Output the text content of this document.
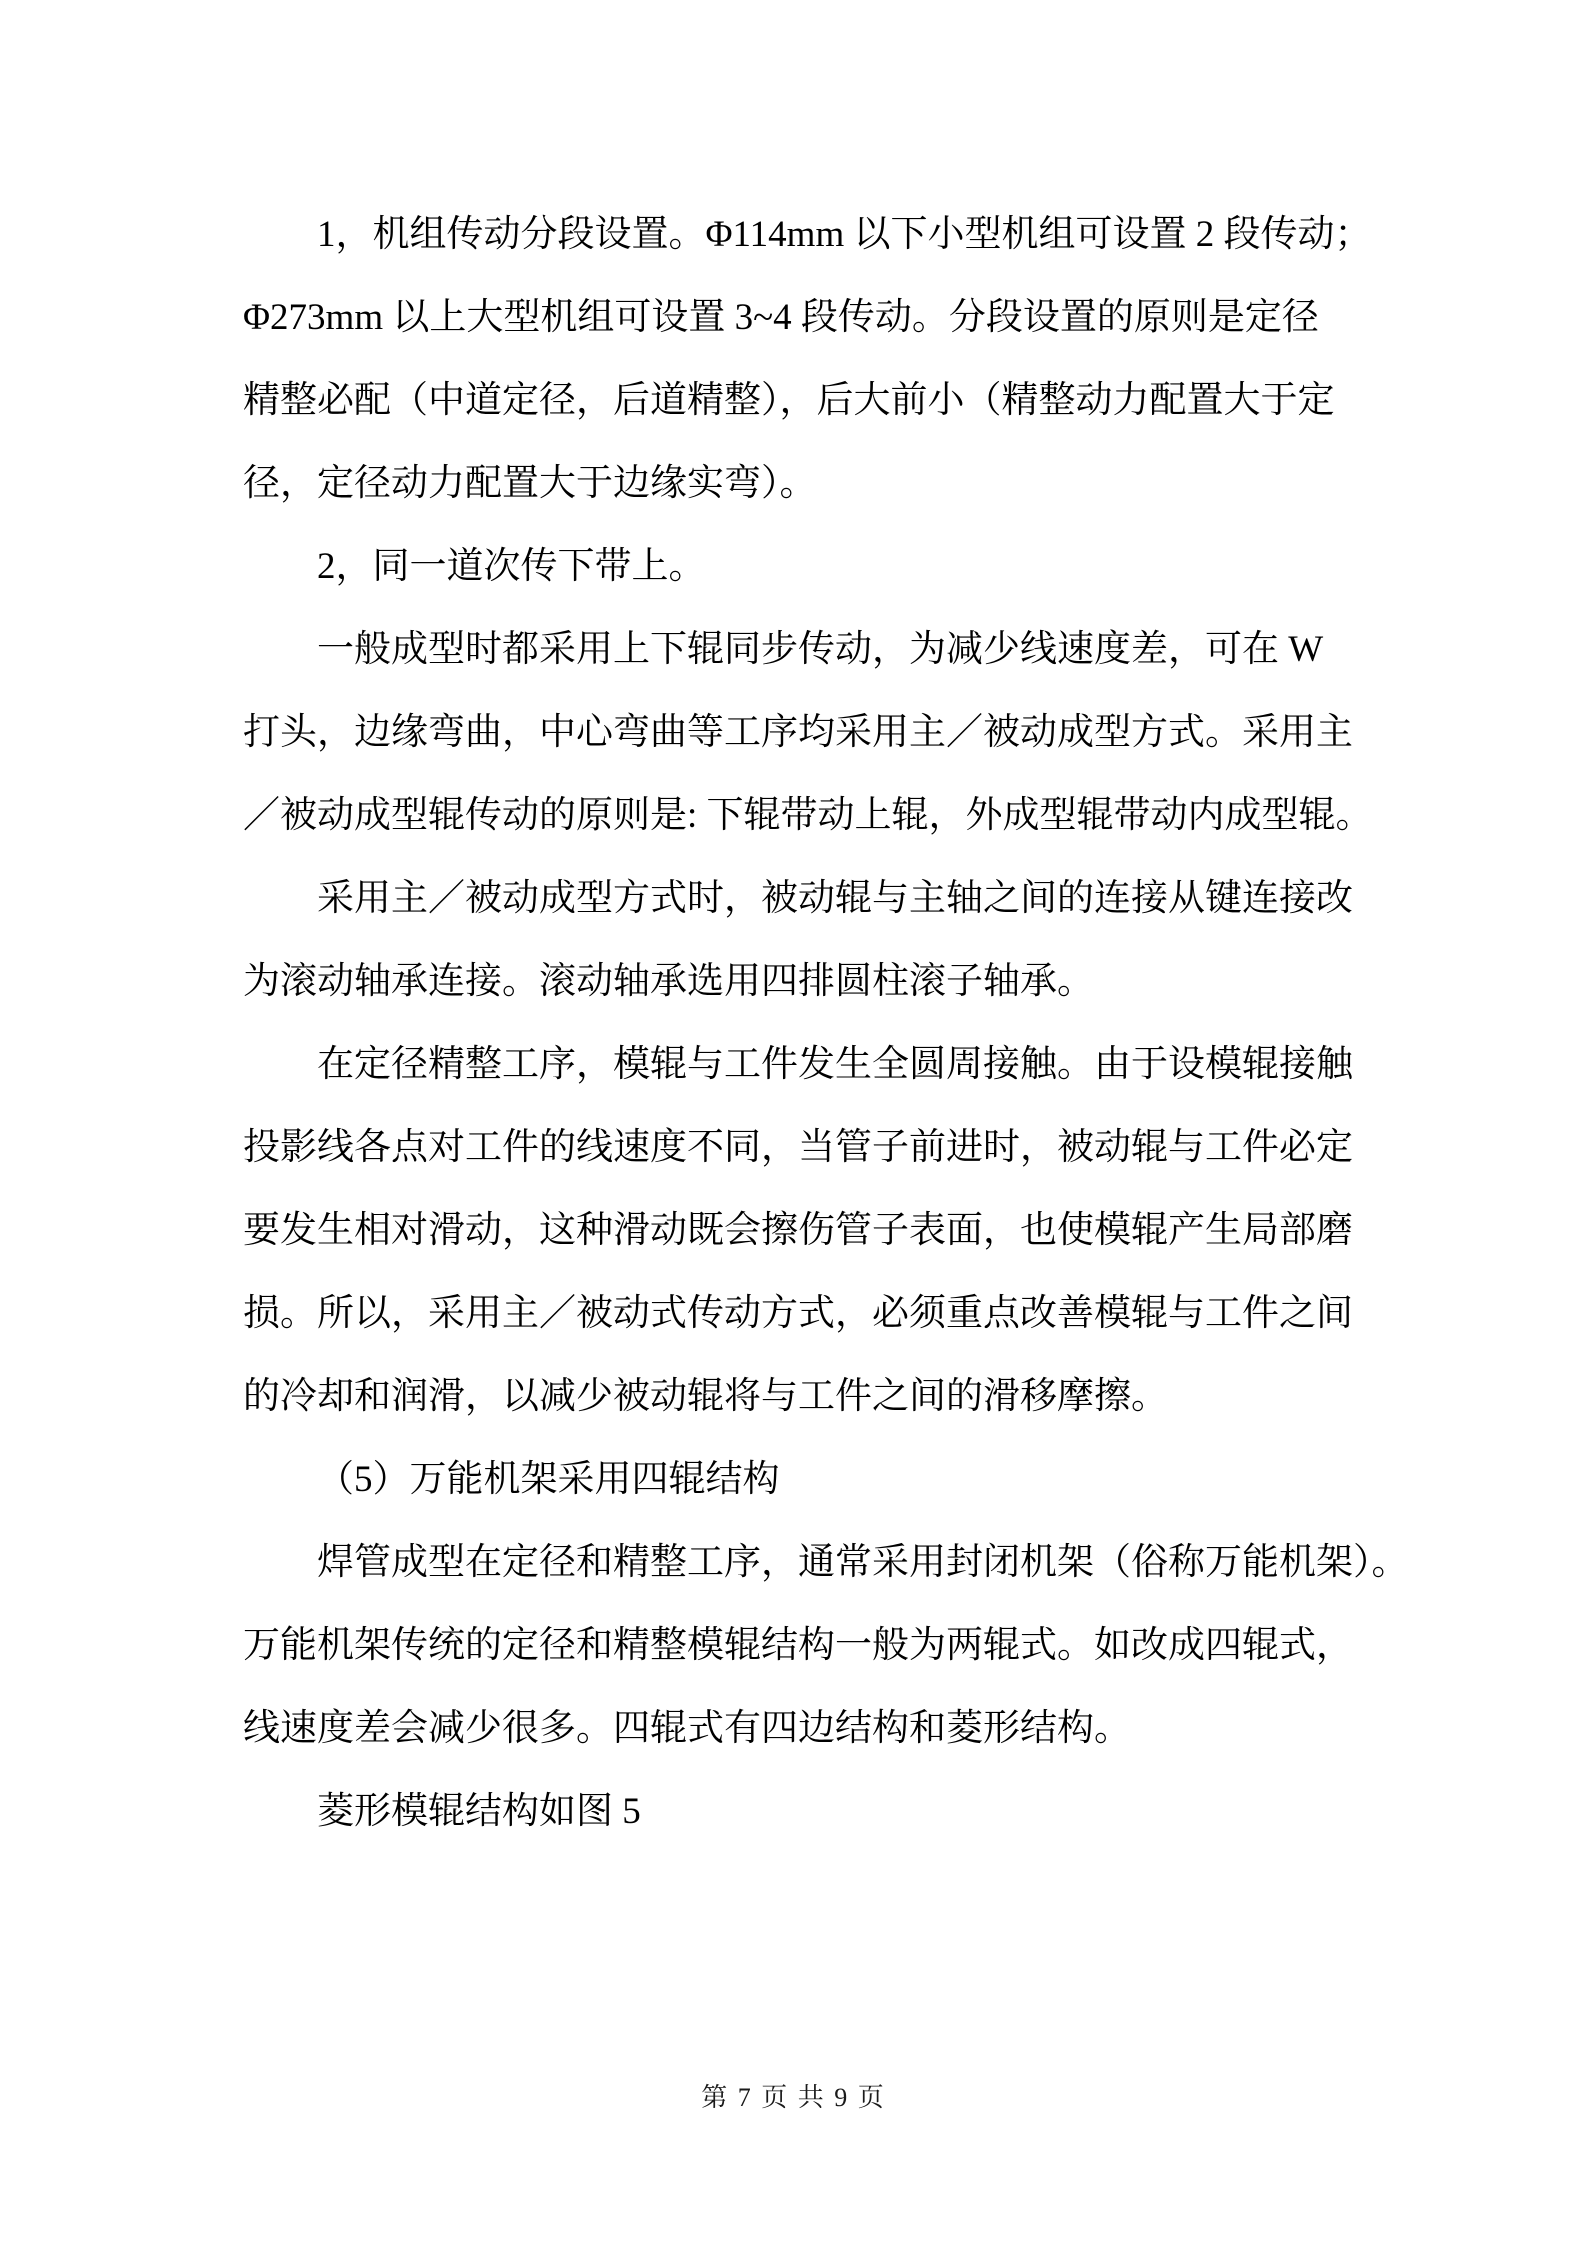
1，机组传动分段设置。Φ114mm 以下小型机组可设置 2 段传动；
Φ273mm 以上大型机组可设置 3~4 段传动。分段设置的原则是定径
精整必配（中道定径，后道精整），后大前小（精整动力配置大于定
径，定径动力配置大于边缘实弯）。
2，同一道次传下带上。
一般成型时都采用上下辊同步传动，为减少线速度差，可在 W
打头，边缘弯曲，中心弯曲等工序均采用主／被动成型方式。采用主
／被动成型辊传动的原则是: 下辊带动上辊，外成型辊带动内成型辊。
采用主／被动成型方式时，被动辊与主轴之间的连接从键连接改
为滚动轴承连接。滚动轴承选用四排圆柱滚子轴承。
在定径精整工序，模辊与工件发生全圆周接触。由于设模辊接触
投影线各点对工件的线速度不同，当管子前进时，被动辊与工件必定
要发生相对滑动，这种滑动既会擦伤管子表面，也使模辊产生局部磨
损。所以，采用主／被动式传动方式，必须重点改善模辊与工件之间
的冷却和润滑，以减少被动辊将与工件之间的滑移摩擦。
（5）万能机架采用四辊结构
焊管成型在定径和精整工序，通常采用封闭机架（俗称万能机架）。
万能机架传统的定径和精整模辊结构一般为两辊式。如改成四辊式，
线速度差会减少很多。四辊式有四边结构和菱形结构。
菱形模辊结构如图 5
第 7 页 共 9 页
